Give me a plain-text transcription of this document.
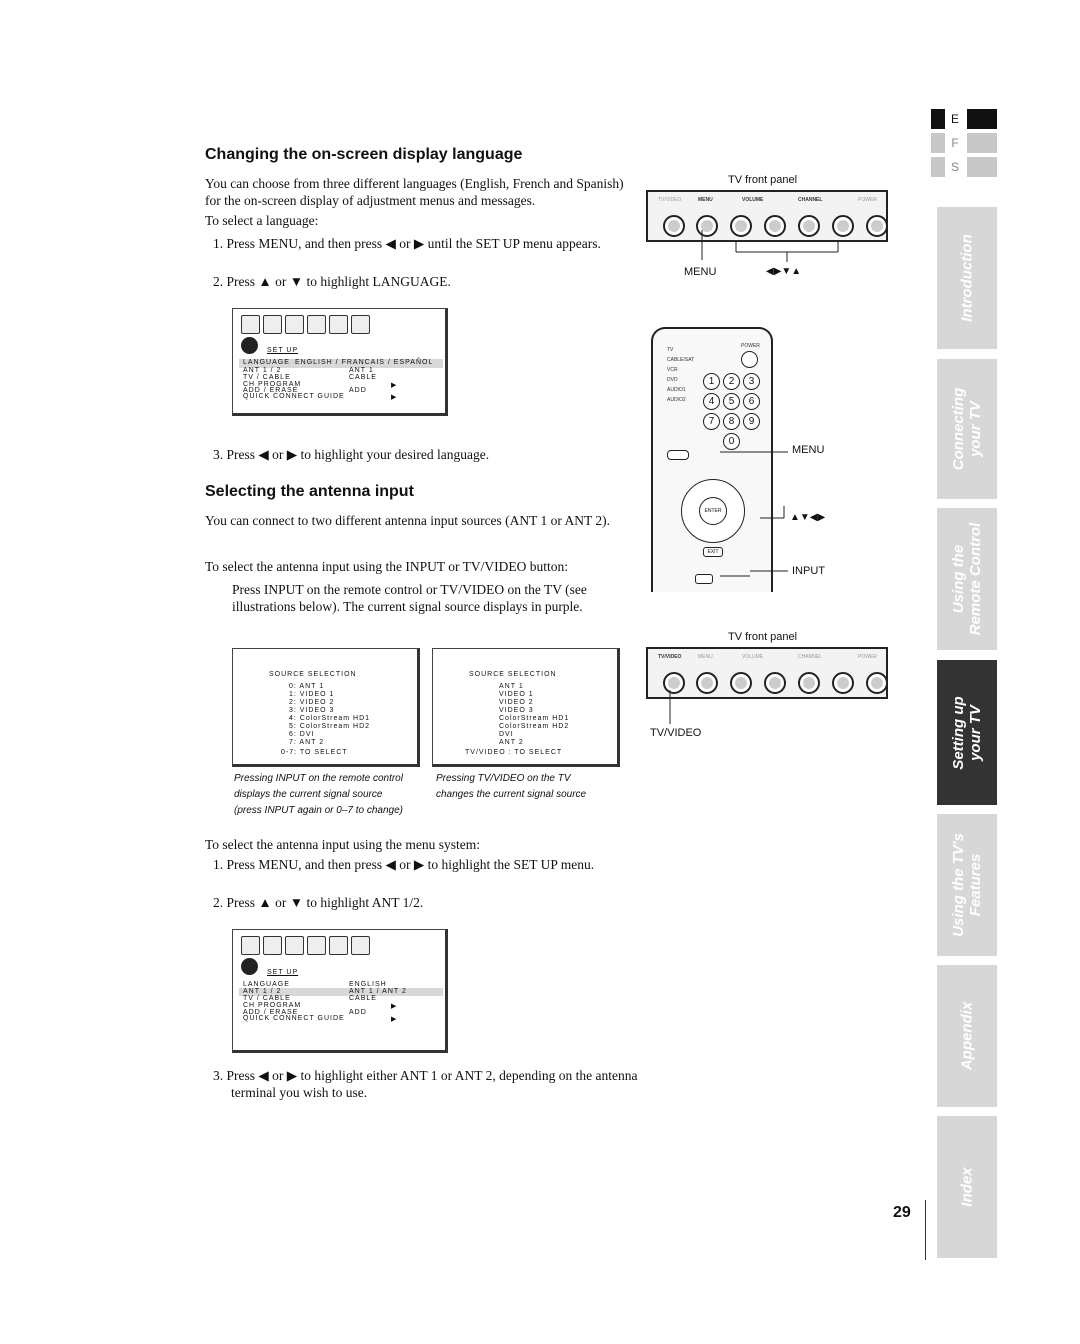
Changing the on-screen display language
You can choose from three different languages (English, French and Spanish) for the on-screen display of adjustment menus and messages.
To select a language:
1. Press MENU, and then press ◀ or ▶ until the SET UP menu appears.
2. Press ▲ or ▼ to highlight LANGUAGE.
SET UP
LANGUAGE ENGLISH / FRANCAIS / ESPAÑOL
ANT 1 / 2	ANT 1
TV / CABLE	CABLE
CH PROGRAM	▶
ADD / ERASE	ADD
QUICK CONNECT GUIDE	▶
3. Press ◀ or ▶ to highlight your desired language.
Selecting the antenna input
You can connect to two different antenna input sources (ANT 1 or ANT 2).
To select the antenna input using the INPUT or TV/VIDEO button:
Press INPUT on the remote control or TV/VIDEO on the TV (see illustrations below). The current signal source displays in purple.
SOURCE SELECTION
0: ANT 1
1: VIDEO 1
2: VIDEO 2
3: VIDEO 3
4: ColorStream HD1
5: ColorStream HD2
6: DVI
7: ANT 2
0-7: TO SELECT
Pressing INPUT on the remote control
displays the current signal source
(press INPUT again or 0–7 to change)
SOURCE SELECTION
ANT 1
VIDEO 1
VIDEO 2
VIDEO 3
ColorStream HD1
ColorStream HD2
DVI
ANT 2
TV/VIDEO : TO SELECT
Pressing TV/VIDEO on the TV
changes the current signal source
To select the antenna input using the menu system:
1. Press MENU, and then press ◀ or ▶ to highlight the SET UP menu.
2. Press ▲ or ▼ to highlight ANT 1/2.
SET UP
LANGUAGE	ENGLISH
ANT 1 / 2	ANT 1 / ANT 2
TV / CABLE	CABLE
CH PROGRAM	▶
ADD / ERASE	ADD
QUICK CONNECT GUIDE	▶
3. Press ◀ or ▶ to highlight either ANT 1 or ANT 2, depending on the antenna terminal you wish to use.
TV front panel
TV/VIDEO	MENU	VOLUME	CHANNEL	POWER
MENU	◀▶▼▲
POWER
TV
CABLE/SAT
VCR
DVD
AUDIO1
AUDIO2
1	2	3
4	5	6
7	8	9
0
ENTER
EXIT
MENU
▲▼◀▶
INPUT
TV front panel
TV/VIDEO	MENU	VOLUME	CHANNEL	POWER
TV/VIDEO
E
F
S
Introduction
Connecting your TV
Using the Remote Control
Setting up your TV
Using the TV's Features
Appendix
Index
29
